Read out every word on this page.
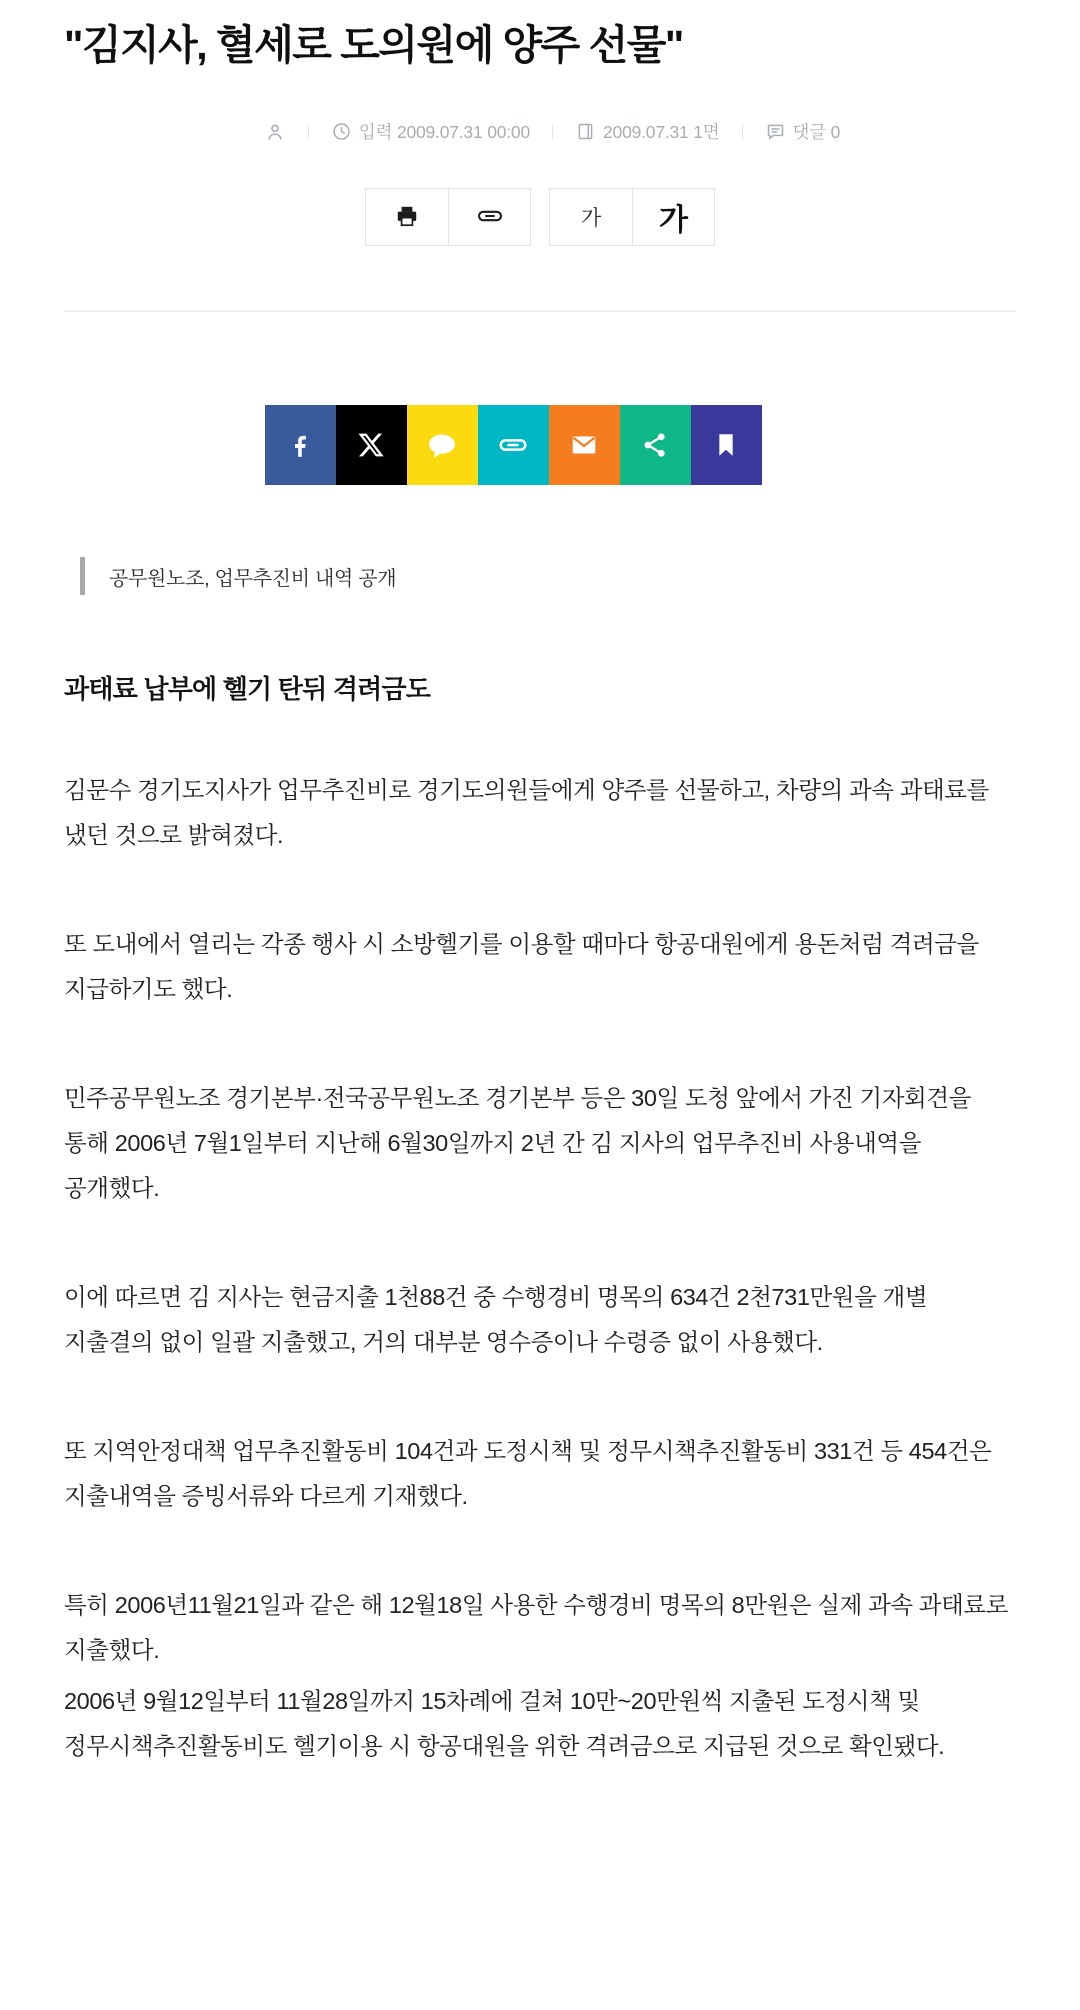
"김지사, 혈세로 도의원에 양주 선물"
입력 2009.07.31 00:00	2009.07.31 1면	댓글 0
가 가
공무원노조, 업무추진비 내역 공개
과태료 납부에 헬기 탄뒤 격려금도

김문수 경기도지사가 업무추진비로 경기도의원들에게 양주를 선물하고, 차량의 과속 과태료를 냈던 것으로 밝혀졌다.

또 도내에서 열리는 각종 행사 시 소방헬기를 이용할 때마다 항공대원에게 용돈처럼 격려금을 지급하기도 했다.

민주공무원노조 경기본부·전국공무원노조 경기본부 등은 30일 도청 앞에서 가진 기자회견을 통해 2006년 7월1일부터 지난해 6월30일까지 2년 간 김 지사의 업무추진비 사용내역을 공개했다.

이에 따르면 김 지사는 현금지출 1천88건 중 수행경비 명목의 634건 2천731만원을 개별 지출결의 없이 일괄 지출했고, 거의 대부분 영수증이나 수령증 없이 사용했다.

또 지역안정대책 업무추진활동비 104건과 도정시책 및 정무시책추진활동비 331건 등 454건은 지출내역을 증빙서류와 다르게 기재했다.

특히 2006년11월21일과 같은 해 12월18일 사용한 수행경비 명목의 8만원은 실제 과속 과태료로 지출했다.

2006년 9월12일부터 11월28일까지 15차례에 걸쳐 10만~20만원씩 지출된 도정시책 및 정무시책추진활동비도 헬기이용 시 항공대원을 위한 격려금으로 지급된 것으로 확인됐다.
